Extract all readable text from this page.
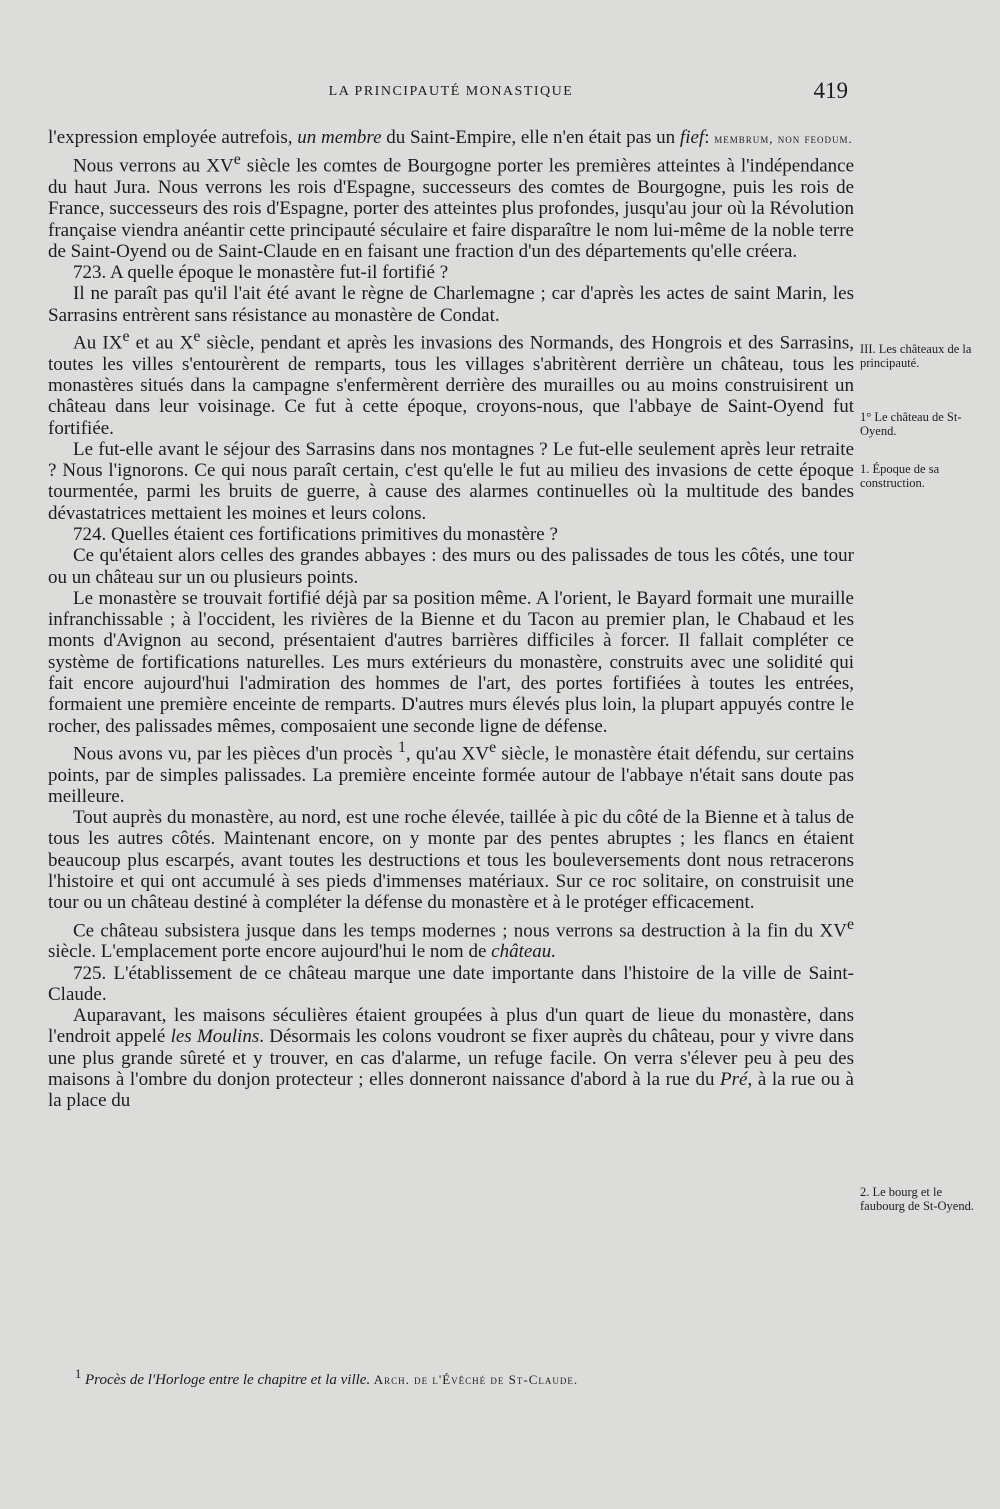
LA PRINCIPAUTÉ MONASTIQUE	419

l'expression employée autrefois, un membre du Saint-Empire, elle n'en était pas un fief: membrum, non feodum.

Nous verrons au XVe siècle les comtes de Bourgogne porter les premières atteintes à l'indépendance du haut Jura. Nous verrons les rois d'Espagne, successeurs des comtes de Bourgogne, puis les rois de France, successeurs des rois d'Espagne, porter des atteintes plus profondes, jusqu'au jour où la Révolution française viendra anéantir cette principauté séculaire et faire disparaître le nom lui-même de la noble terre de Saint-Oyend ou de Saint-Claude en en faisant une fraction d'un des départements qu'elle créera.

723. A quelle époque le monastère fut-il fortifié ?

Il ne paraît pas qu'il l'ait été avant le règne de Charlemagne ; car d'après les actes de saint Marin, les Sarrasins entrèrent sans résistance au monastère de Condat.

Au IXe et au Xe siècle, pendant et après les invasions des Normands, des Hongrois et des Sarrasins, toutes les villes s'entourèrent de remparts, tous les villages s'abritèrent derrière un château, tous les monastères situés dans la campagne s'enfermèrent derrière des murailles ou au moins construisirent un château dans leur voisinage. Ce fut à cette époque, croyons-nous, que l'abbaye de Saint-Oyend fut fortifiée.

Le fut-elle avant le séjour des Sarrasins dans nos montagnes ? Le fut-elle seulement après leur retraite ? Nous l'ignorons. Ce qui nous paraît certain, c'est qu'elle le fut au milieu des invasions de cette époque tourmentée, parmi les bruits de guerre, à cause des alarmes continuelles où la multitude des bandes dévastatrices mettaient les moines et leurs colons.

724. Quelles étaient ces fortifications primitives du monastère ?

Ce qu'étaient alors celles des grandes abbayes : des murs ou des palissades de tous les côtés, une tour ou un château sur un ou plusieurs points.

Le monastère se trouvait fortifié déjà par sa position même. A l'orient, le Bayard formait une muraille infranchissable ; à l'occident, les rivières de la Bienne et du Tacon au premier plan, le Chabaud et les monts d'Avignon au second, présentaient d'autres barrières difficiles à forcer. Il fallait compléter ce système de fortifications naturelles. Les murs extérieurs du monastère, construits avec une solidité qui fait encore aujourd'hui l'admiration des hommes de l'art, des portes fortifiées à toutes les entrées, formaient une première enceinte de remparts. D'autres murs élevés plus loin, la plupart appuyés contre le rocher, des palissades mêmes, composaient une seconde ligne de défense.

Nous avons vu, par les pièces d'un procès $^1$, qu'au XVe siècle, le monastère était défendu, sur certains points, par de simples palissades. La première enceinte formée autour de l'abbaye n'était sans doute pas meilleure.

Tout auprès du monastère, au nord, est une roche élevée, taillée à pic du côté de la Bienne et à talus de tous les autres côtés. Maintenant encore, on y monte par des pentes abruptes ; les flancs en étaient beaucoup plus escarpés, avant toutes les destructions et tous les bouleversements dont nous retracerons l'histoire et qui ont accumulé à ses pieds d'immenses matériaux. Sur ce roc solitaire, on construisit une tour ou un château destiné à compléter la défense du monastère et à le protéger efficacement.

Ce château subsistera jusque dans les temps modernes ; nous verrons sa destruction à la fin du XVe siècle. L'emplacement porte encore aujourd'hui le nom de château.

725. L'établissement de ce château marque une date importante dans l'histoire de la ville de Saint-Claude.

Auparavant, les maisons séculières étaient groupées à plus d'un quart de lieue du monastère, dans l'endroit appelé les Moulins. Désormais les colons voudront se fixer auprès du château, pour y vivre dans une plus grande sûreté et y trouver, en cas d'alarme, un refuge facile. On verra s'élever peu à peu des maisons à l'ombre du donjon protecteur ; elles donneront naissance d'abord à la rue du Pré, à la rue ou à la place du

III. Les châteaux de la principauté.
1° Le château de St-Oyend.
1. Époque de sa construction.
2. Le bourg et le faubourg de St-Oyend.
$^1$ Procès de l'Horloge entre le chapitre et la ville. Arch. de l'Évêché de St-Claude.
